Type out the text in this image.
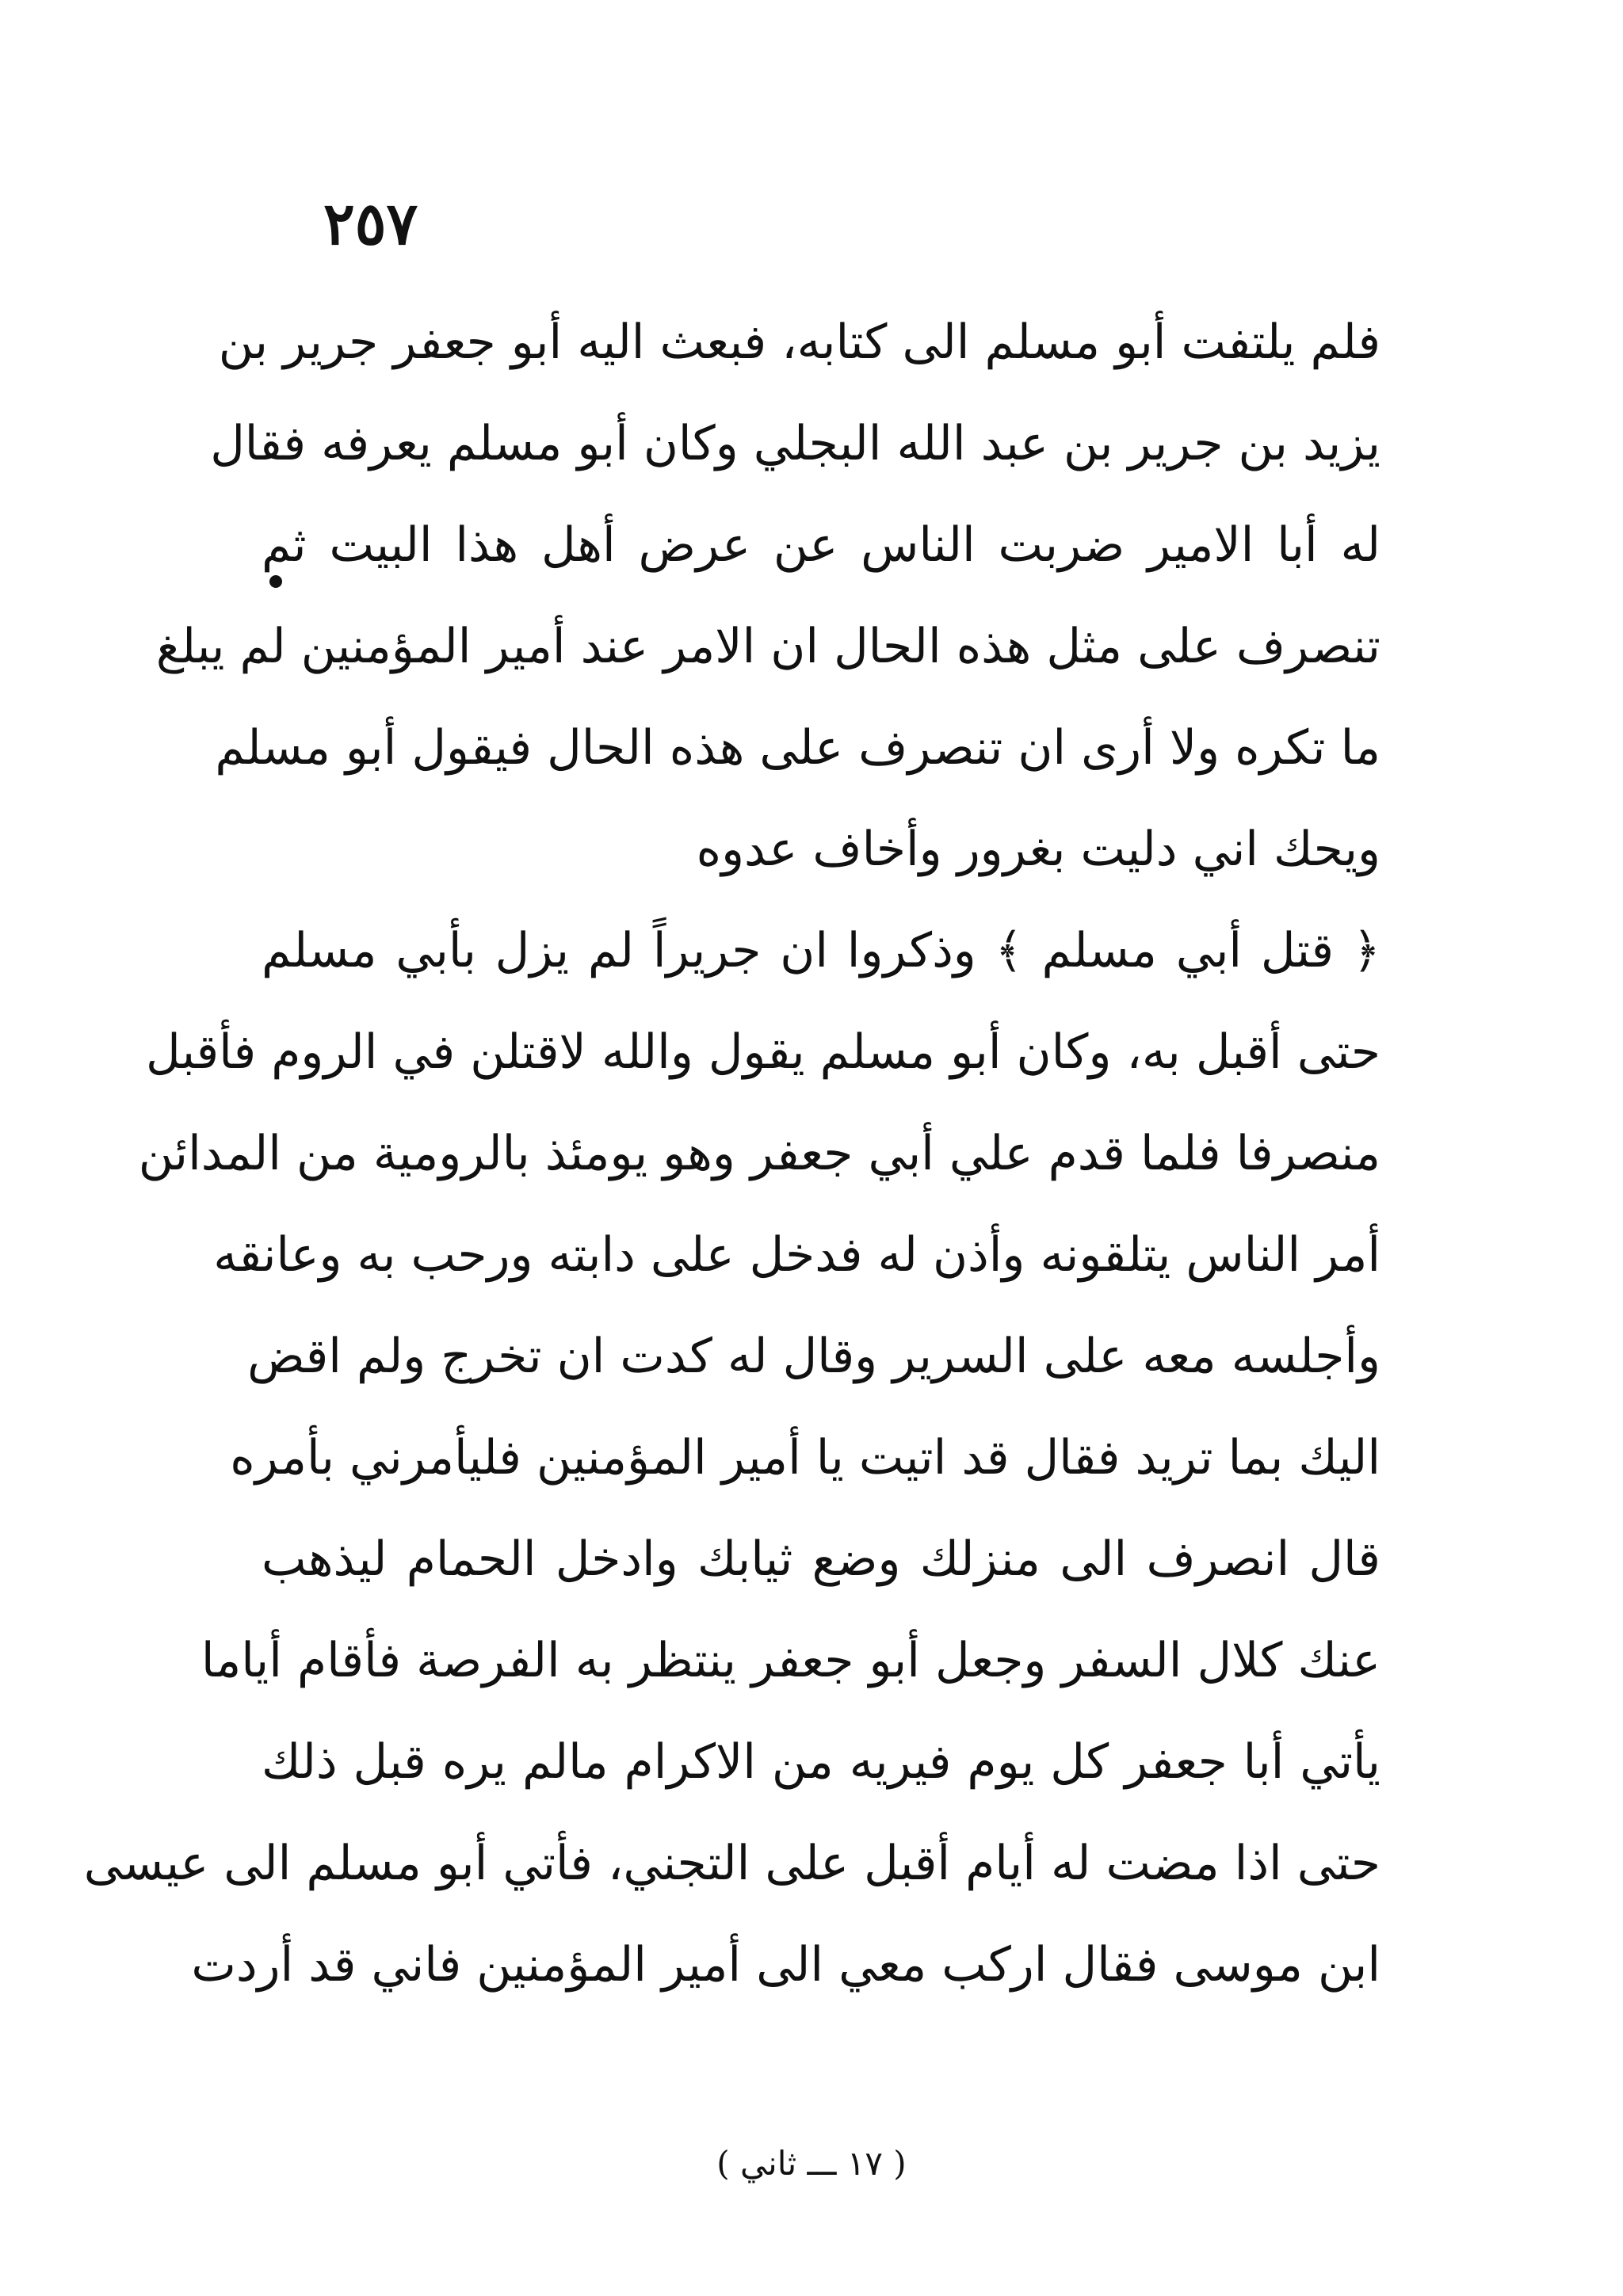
٢٥٧
فلم يلتفت أبو مسلم الى كتابه، فبعث اليه أبو جعفر جرير بن
يزيد بن جرير بن عبد الله البجلي وكان أبو مسلم يعرفه فقال
له أبا الامير ضربت الناس عن عرض أهل هذا البيت ثم
تنصرف على مثل هذه الحال ان الامر عند أمير المؤمنين لم يبلغ
ما تكره ولا أرى ان تنصرف على هذه الحال فيقول أبو مسلم
ويحك اني دليت بغرور وأخاف عدوه
﴿ قتل أبي مسلم ﴾ وذكروا ان جريراً لم يزل بأبي مسلم
حتى أقبل به، وكان أبو مسلم يقول والله لاقتلن في الروم فأقبل
منصرفا فلما قدم علي أبي جعفر وهو يومئذ بالرومية من المدائن
أمر الناس يتلقونه وأذن له فدخل على دابته ورحب به وعانقه
وأجلسه معه على السرير وقال له كدت ان تخرج ولم اقض
اليك بما تريد فقال قد اتيت يا أمير المؤمنين فليأمرني بأمره
قال انصرف الى منزلك وضع ثيابك وادخل الحمام ليذهب
عنك كلال السفر وجعل أبو جعفر ينتظر به الفرصة فأقام أياما
يأتي أبا جعفر كل يوم فيريه من الاكرام مالم يره قبل ذلك
حتى اذا مضت له أيام أقبل على التجني، فأتي أبو مسلم الى عيسى
ابن موسى فقال اركب معي الى أمير المؤمنين فاني قد أردت
( ١٧ ـــ ثاني )
